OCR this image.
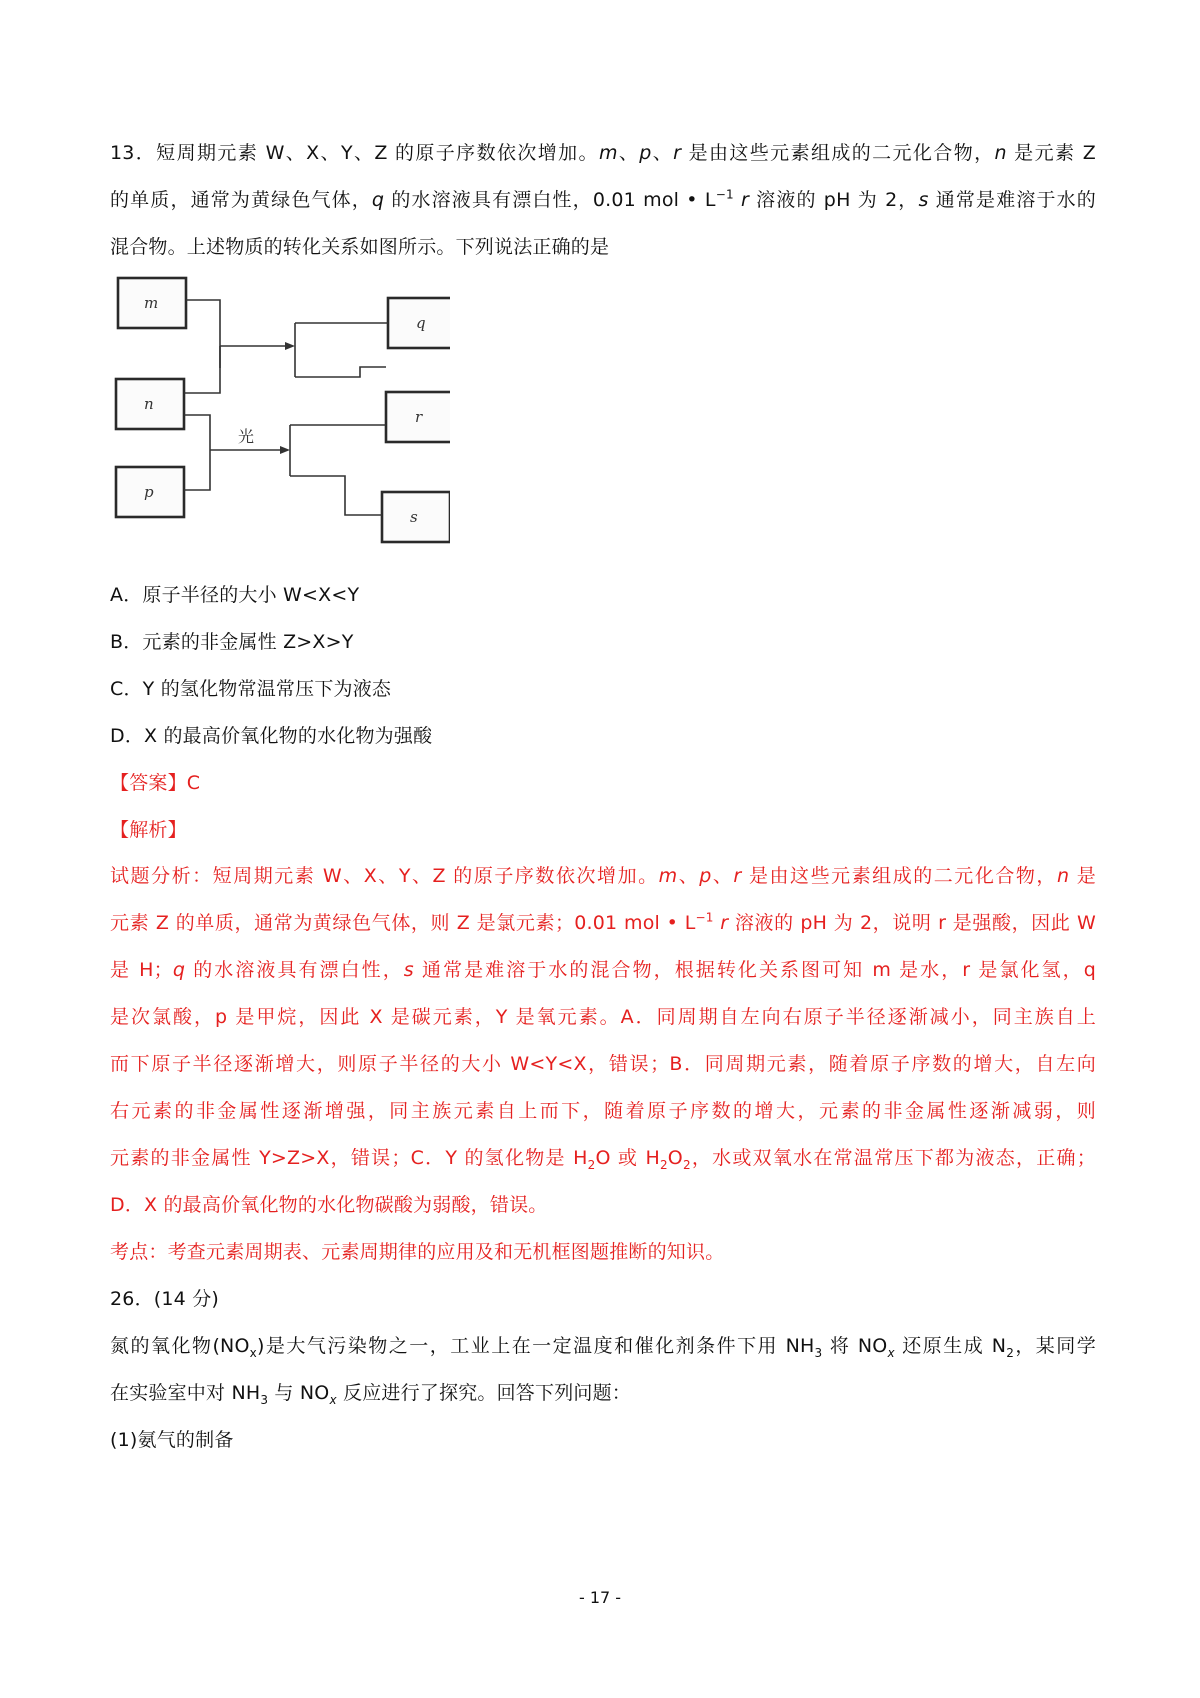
13．短周期元素 W、X、Y、Z 的原子序数依次增加。m、p、r 是由这些元素组成的二元化合物，n 是元素 Z
的单质，通常为黄绿色气体，q 的水溶液具有漂白性，0.01 mol • $L^{-1}$ r 溶液的 pH 为 2，s 通常是难溶于水的
混合物。上述物质的转化关系如图所示。下列说法正确的是
m
n
p
q
r
s
光
A．原子半径的大小 W<X<Y
B．元素的非金属性 Z>X>Y
C．Y 的氢化物常温常压下为液态
D．X 的最高价氧化物的水化物为强酸
【答案】C
【解析】
试题分析：短周期元素 W、X、Y、Z 的原子序数依次增加。m、p、r 是由这些元素组成的二元化合物，n 是
元素 Z 的单质，通常为黄绿色气体，则 Z 是氯元素；0.01 mol • $L^{-1}$ r 溶液的 pH 为 2，说明 r 是强酸，因此 W
是 H；q 的水溶液具有漂白性，s 通常是难溶于水的混合物，根据转化关系图可知 m 是水，r 是氯化氢，q
是次氯酸，p 是甲烷，因此 X 是碳元素，Y 是氧元素。A．同周期自左向右原子半径逐渐减小，同主族自上
而下原子半径逐渐增大，则原子半径的大小 W<Y<X，错误；B．同周期元素，随着原子序数的增大，自左向
右元素的非金属性逐渐增强，同主族元素自上而下，随着原子序数的增大，元素的非金属性逐渐减弱，则
元素的非金属性 Y>Z>X，错误；C．Y 的氢化物是 $H_2O$ 或 $H_2O_2$，水或双氧水在常温常压下都为液态，正确；
D．X 的最高价氧化物的水化物碳酸为弱酸，错误。
考点：考查元素周期表、元素周期律的应用及和无机框图题推断的知识。
26．(14 分)
氮的氧化物$(NO_x)$是大气污染物之一，工业上在一定温度和催化剂条件下用 $NH_3$ 将 $NO_x$ 还原生成 $N_2$，某同学
在实验室中对 $NH_3$ 与 $NO_x$ 反应进行了探究。回答下列问题：
(1)氨气的制备
- 17 -
